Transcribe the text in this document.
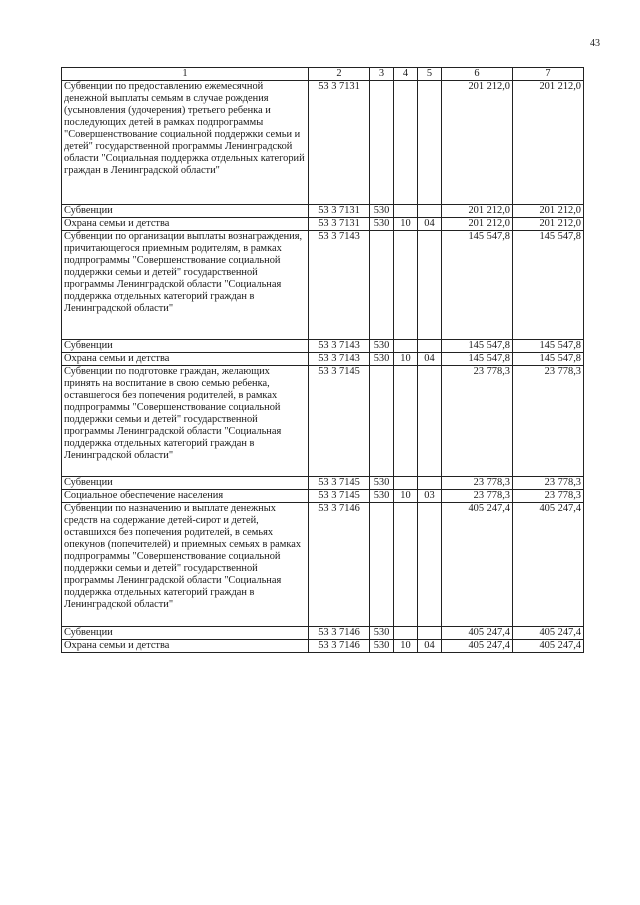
43
1	2	3	4	5	6	7
Субвенции по предоставлению ежемесячной денежной выплаты семьям в случае рождения (усыновления (удочерения) третьего ребенка и последующих детей в рамках подпрограммы "Совершенствование социальной поддержки семьи и детей" государственной программы Ленинградской области "Социальная поддержка отдельных категорий граждан в Ленинградской области"	53 3 7131				201 212,0	201 212,0
Субвенции	53 3 7131	530			201 212,0	201 212,0
Охрана семьи и детства	53 3 7131	530	10	04	201 212,0	201 212,0
Субвенции по организации выплаты вознаграждения, причитающегося приемным родителям, в рамках подпрограммы "Совершенствование социальной поддержки семьи и детей" государственной программы Ленинградской области "Социальная поддержка отдельных категорий граждан в Ленинградской области"	53 3 7143				145 547,8	145 547,8
Субвенции	53 3 7143	530			145 547,8	145 547,8
Охрана семьи и детства	53 3 7143	530	10	04	145 547,8	145 547,8
Субвенции по подготовке граждан, желающих принять на воспитание в свою семью ребенка, оставшегося без попечения родителей, в рамках подпрограммы "Совершенствование социальной поддержки семьи и детей" государственной программы Ленинградской области "Социальная поддержка отдельных категорий граждан в Ленинградской области"	53 3 7145				23 778,3	23 778,3
Субвенции	53 3 7145	530			23 778,3	23 778,3
Социальное обеспечение населения	53 3 7145	530	10	03	23 778,3	23 778,3
Субвенции по назначению и выплате денежных средств на содержание детей-сирот и детей, оставшихся без попечения родителей, в семьях опекунов (попечителей) и приемных семьях в рамках подпрограммы "Совершенствование социальной поддержки семьи и детей" государственной программы Ленинградской области "Социальная поддержка отдельных категорий граждан в Ленинградской области"	53 3 7146				405 247,4	405 247,4
Субвенции	53 3 7146	530			405 247,4	405 247,4
Охрана семьи и детства	53 3 7146	530	10	04	405 247,4	405 247,4
